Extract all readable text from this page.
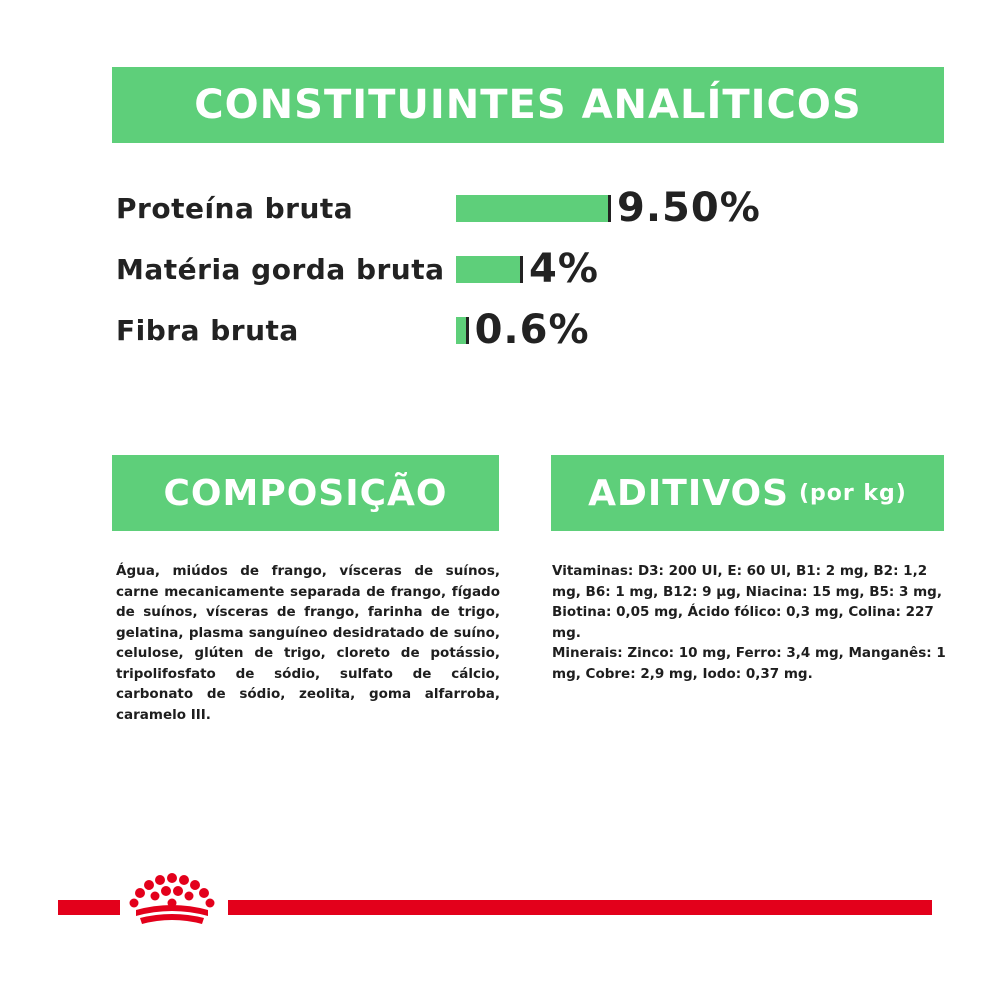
CONSTITUINTES ANALÍTICOS
Proteína bruta	9.50%
Matéria gorda bruta 4%
Fibra bruta	0.6%
COMPOSIÇÃO	ADITIVOS (por kg)
Água, miúdos de frango, vísceras de suínos, carne mecanicamente separada de frango, fígado de suínos, vísceras de frango, farinha de trigo, gelatina, plasma sanguíneo desidratado de suíno, celulose, glúten de trigo, cloreto de potássio, tripolifosfato de sódio, sulfato de cálcio, carbonato de sódio, zeolita, goma alfarroba, caramelo III.

Vitaminas: D3: 200 UI, E: 60 UI, B1: 2 mg, B2: 1,2 mg, B6: 1 mg, B12: 9 µg, Niacina: 15 mg, B5: 3 mg, Biotina: 0,05 mg, Ácido fólico: 0,3 mg, Colina: 227 mg.

Minerais: Zinco: 10 mg, Ferro: 3,4 mg, Manganês: 1 mg, Cobre: 2,9 mg, Iodo: 0,37 mg.
